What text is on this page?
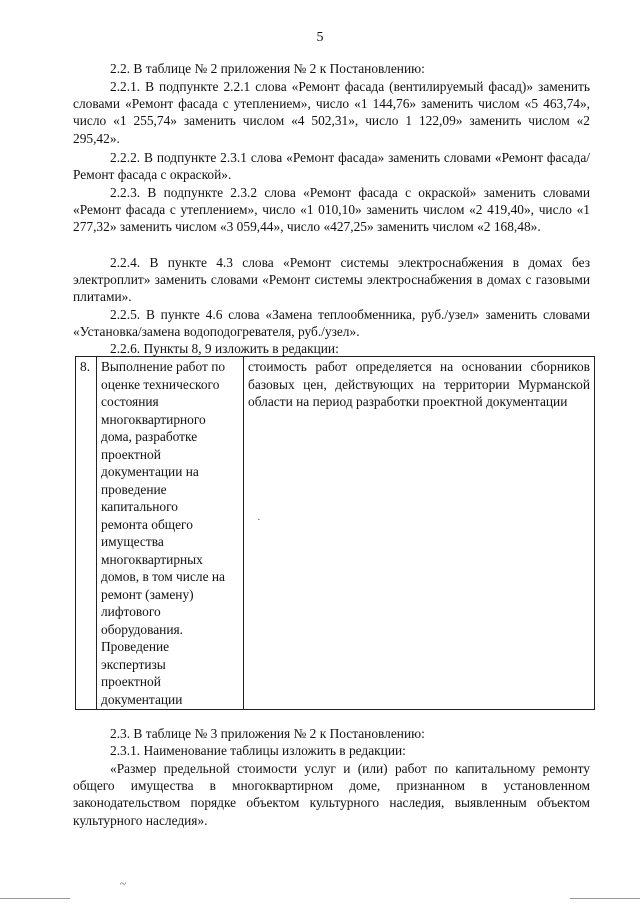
5
2.2. В таблице № 2 приложения № 2 к Постановлению:
2.2.1. В подпункте 2.2.1 слова «Ремонт фасада (вентилируемый фасад)» заменить словами «Ремонт фасада с утеплением», число «1 144,76» заменить числом «5 463,74», число «1 255,74» заменить числом «4 502,31», число 1 122,09» заменить числом «2 295,42».
2.2.2. В подпункте 2.3.1 слова «Ремонт фасада» заменить словами «Ремонт фасада/ Ремонт фасада с окраской».
2.2.3. В подпункте 2.3.2 слова «Ремонт фасада с окраской» заменить словами «Ремонт фасада с утеплением», число «1 010,10» заменить числом «2 419,40», число «1 277,32» заменить числом «3 059,44», число «427,25» заменить числом «2 168,48».
2.2.4. В пункте 4.3 слова «Ремонт системы электроснабжения в домах без электроплит» заменить словами «Ремонт системы электроснабжения в домах с газовыми плитами».
2.2.5. В пункте 4.6 слова «Замена теплообменника, руб./узел» заменить словами «Установка/замена водоподогревателя, руб./узел».
2.2.6. Пункты 8, 9 изложить в редакции:
8.	Выполнение работ по
оценке технического
состояния
многоквартирного
дома, разработке
проектной
документации на
проведение
капитального
ремонта общего
имущества
многоквартирных
домов, в том числе на
ремонт (замену)
лифтового
оборудования.
Проведение
экспертизы
проектной
документации
	стоимость работ определяется на основании сборников базовых цен, действующих на территории Мурманской области на период разработки проектной документации
2.3. В таблице № 3 приложения № 2 к Постановлению:
2.3.1. Наименование таблицы изложить в редакции:
«Размер предельной стоимости услуг и (или) работ по капитальному ремонту общего имущества в многоквартирном доме, признанном в установленном законодательством порядке объектом культурного наследия, выявленным объектом культурного наследия».
·
~
